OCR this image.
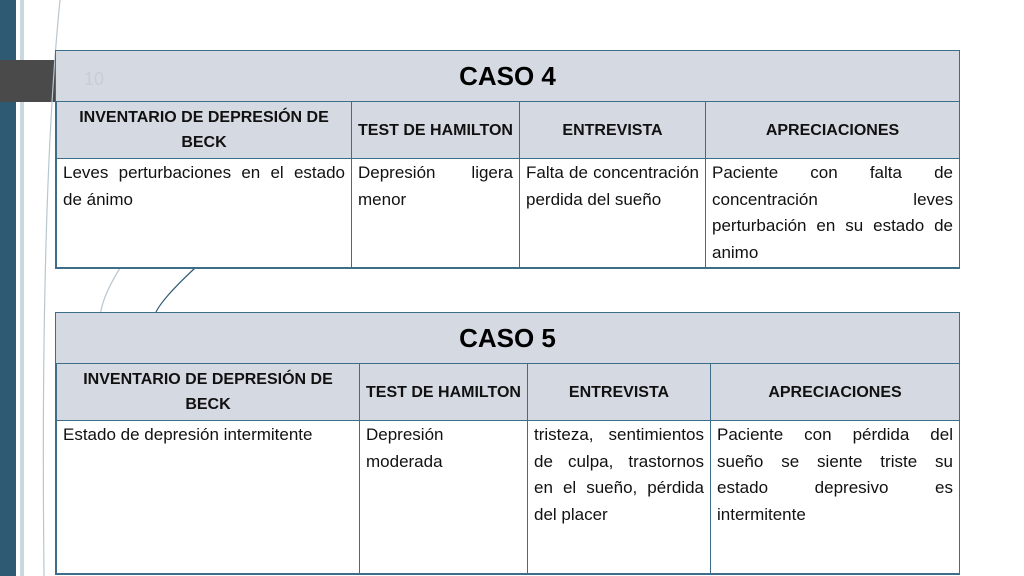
10	CASO 4
INVENTARIO DE DEPRESIÓN DE BECK	TEST DE HAMILTON	ENTREVISTA	APRECIACIONES
Leves perturbaciones en el estado de ánimo	Depresión ligera menor	Falta de concentración perdida del sueño	Paciente con falta de concentración leves perturbación en su estado de animo
CASO 5
INVENTARIO DE DEPRESIÓN DE BECK	TEST DE HAMILTON	ENTREVISTA	APRECIACIONES
Estado de depresión intermitente	Depresión moderada	tristeza, sentimientos de culpa, trastornos en el sueño, pérdida del placer	Paciente con pérdida del sueño se siente triste su estado depresivo es intermitente
